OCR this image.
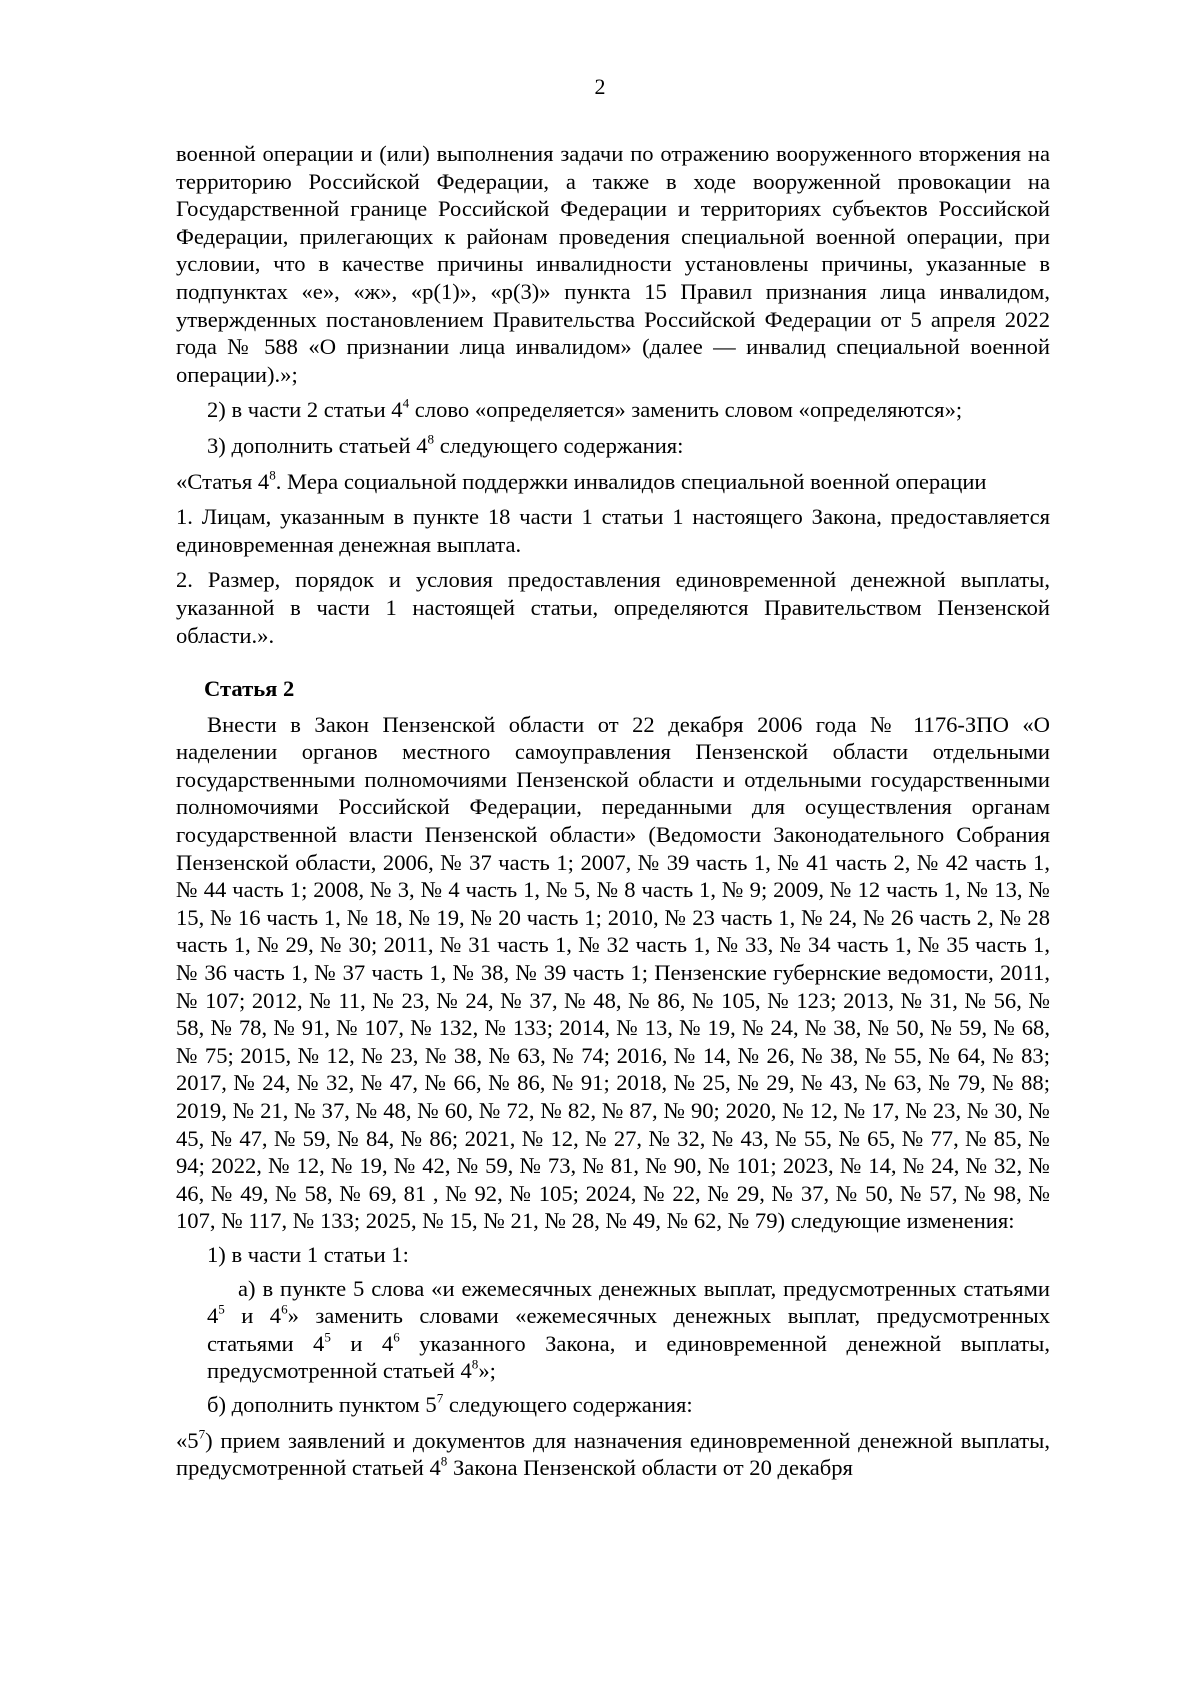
2

военной операции и (или) выполнения задачи по отражению вооруженного вторжения на территорию Российской Федерации, а также в ходе вооруженной провокации на Государственной границе Российской Федерации и территориях субъектов Российской Федерации, прилегающих к районам проведения специальной военной операции, при условии, что в качестве причины инвалидности установлены причины, указанные в подпунктах «е», «ж», «р(1)», «р(3)» пункта 15 Правил признания лица инвалидом, утвержденных постановлением Правительства Российской Федерации от 5 апреля 2022 года № 588 «О признании лица инвалидом» (далее — инвалид специальной военной операции).»;

2) в части 2 статьи $4^4$ слово «определяется» заменить словом «определяются»;

3) дополнить статьей $4^8$ следующего содержания:

«Статья $4^8$. Мера социальной поддержки инвалидов специальной военной операции

1. Лицам, указанным в пункте 18 части 1 статьи 1 настоящего Закона, предоставляется единовременная денежная выплата.

2. Размер, порядок и условия предоставления единовременной денежной выплаты, указанной в части 1 настоящей статьи, определяются Правительством Пензенской области.».

Статья 2

Внести в Закон Пензенской области от 22 декабря 2006 года № 1176-ЗПО «О наделении органов местного самоуправления Пензенской области отдельными государственными полномочиями Пензенской области и отдельными государственными полномочиями Российской Федерации, переданными для осуществления органам государственной власти Пензенской области» (Ведомости Законодательного Собрания Пензенской области, 2006, № 37 часть 1; 2007, № 39 часть 1, № 41 часть 2, № 42 часть 1, № 44 часть 1; 2008, № 3, № 4 часть 1, № 5, № 8 часть 1, № 9; 2009, № 12 часть 1, № 13, № 15, № 16 часть 1, № 18, № 19, № 20 часть 1; 2010, № 23 часть 1, № 24, № 26 часть 2, № 28 часть 1, № 29, № 30; 2011, № 31 часть 1, № 32 часть 1, № 33, № 34 часть 1, № 35 часть 1, № 36 часть 1, № 37 часть 1, № 38, № 39 часть 1; Пензенские губернские ведомости, 2011, № 107; 2012, № 11, № 23, № 24, № 37, № 48, № 86, № 105, № 123; 2013, № 31, № 56, № 58, № 78, № 91, № 107, № 132, № 133; 2014, № 13, № 19, № 24, № 38, № 50, № 59, № 68, № 75; 2015, № 12, № 23, № 38, № 63, № 74; 2016, № 14, № 26, № 38, № 55, № 64, № 83; 2017, № 24, № 32, № 47, № 66, № 86, № 91; 2018, № 25, № 29, № 43, № 63, № 79, № 88; 2019, № 21, № 37, № 48, № 60, № 72, № 82, № 87, № 90; 2020, № 12, № 17, № 23, № 30, № 45, № 47, № 59, № 84, № 86; 2021, № 12, № 27, № 32, № 43, № 55, № 65, № 77, № 85, № 94; 2022, № 12, № 19, № 42, № 59, № 73, № 81, № 90, № 101; 2023, № 14, № 24, № 32, № 46, № 49, № 58, № 69, 81 , № 92, № 105; 2024, № 22, № 29, № 37, № 50, № 57, № 98, № 107, № 117, № 133; 2025, № 15, № 21, № 28, № 49, № 62, № 79) следующие изменения:

1) в части 1 статьи 1:

а) в пункте 5 слова «и ежемесячных денежных выплат, предусмотренных статьями $4^5$ и $4^6$» заменить словами «ежемесячных денежных выплат, предусмотренных статьями $4^5$ и $4^6$ указанного Закона, и единовременной денежной выплаты, предусмотренной статьей $4^8$»;

б) дополнить пунктом $5^7$ следующего содержания:

«$5^7$) прием заявлений и документов для назначения единовременной денежной выплаты, предусмотренной статьей $4^8$ Закона Пензенской области от 20 декабря
